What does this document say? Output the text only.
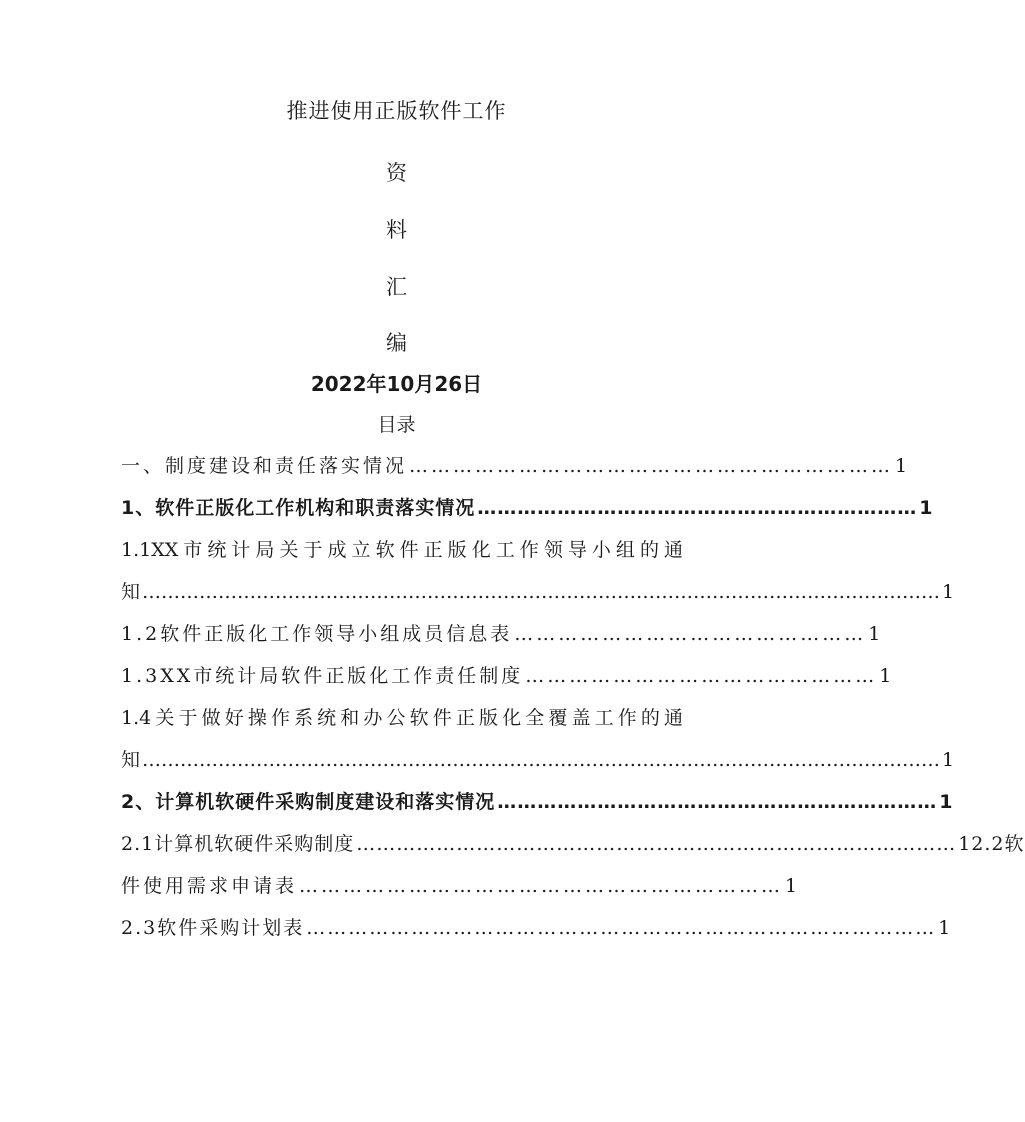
推进使用正版软件工作
资
料
汇
编
2022年10月26日
目录
一、制度建设和责任落实情况 ………………………………………………………… 1
1、软件正版化工作机构和职责落实情况 ………………………………………………………… 1
1.1XX市统计局关于成立软件正版化工作领导小组的通
知 ……………………………………………………………………………………………………………… 1
1.2软件正版化工作领导小组成员信息表 ………………………………………… 1
1.3XX市统计局软件正版化工作责任制度 ………………………………………… 1
1.4关于做好操作系统和办公软件正版化全覆盖工作的通
知 ……………………………………………………………………………………………………………… 1
2、计算机软硬件采购制度建设和落实情况 ………………………………………………………… 1
2.1计算机软硬件采购制度 ……………………………………………………………………………… 12.2软
件使用需求申请表 ………………………………………………………… 1
2.3软件采购计划表 ……………………………………………………………………………… 1
